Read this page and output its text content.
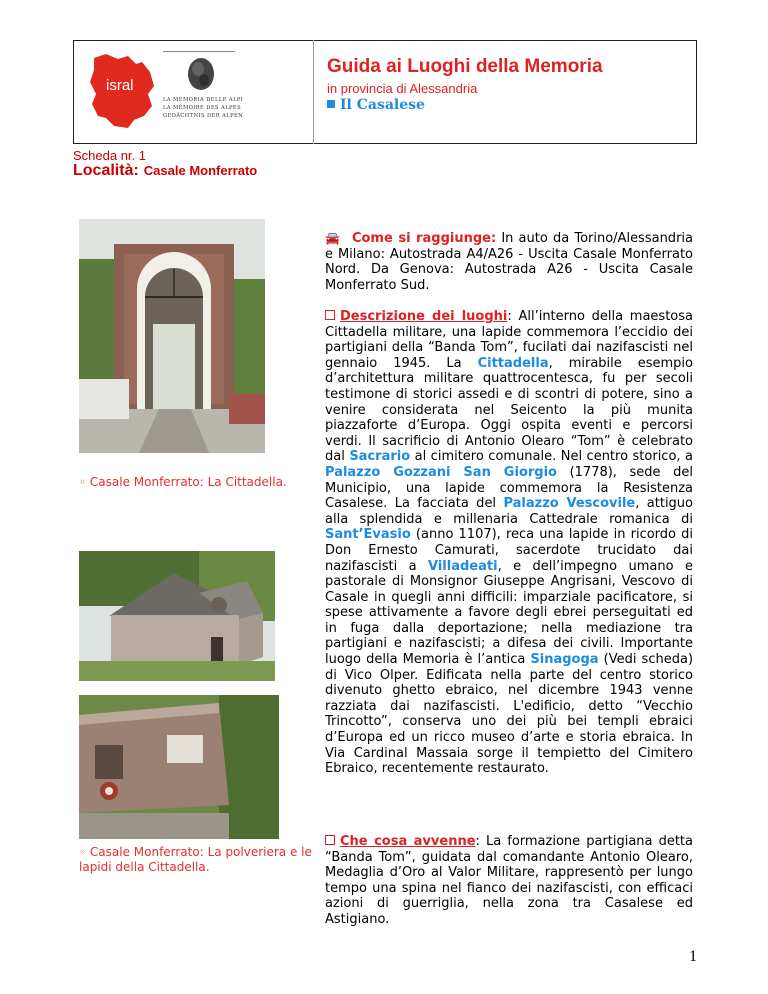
isral
LA MEMORIA DELLE ALPI
LA MÉMOIRE DES ALPES
GEDÄCHTNIS DER ALPEN
Guida ai Luoghi della Memoria
in provincia di Alessandria
Il Casalese
Scheda nr. 1
Località: Casale Monferrato
◦ Casale Monferrato: La Cittadella.
◦ Casale Monferrato: La polveriera e le lapidi della Cittadella.
🚘 Come si raggiunge: In auto da Torino/Alessandria e Milano: Autostrada A4/A26 - Uscita Casale Monferrato Nord. Da Genova: Autostrada A26 - Uscita Casale Monferrato Sud.
Descrizione dei luoghi: All’interno della maestosa Cittadella militare, una lapide commemora l’eccidio dei partigiani della “Banda Tom”, fucilati dai nazifascisti nel gennaio 1945. La Cittadella, mirabile esempio d’architettura militare quattrocentesca, fu per secoli testimone di storici assedi e di scontri di potere, sino a venire considerata nel Seicento la più munita piazzaforte d’Europa. Oggi ospita eventi e percorsi verdi. Il sacrificio di Antonio Olearo “Tom” è celebrato dal Sacrario al cimitero comunale. Nel centro storico, a Palazzo Gozzani San Giorgio (1778), sede del Municipio, una lapide commemora la Resistenza Casalese. La facciata del Palazzo Vescovile, attiguo alla splendida e millenaria Cattedrale romanica di Sant’Evasio (anno 1107), reca una lapide in ricordo di Don Ernesto Camurati, sacerdote trucidato dai nazifascisti a Villadeati, e dell’impegno umano e pastorale di Monsignor Giuseppe Angrisani, Vescovo di Casale in quegli anni difficili: imparziale pacificatore, si spese attivamente a favore degli ebrei perseguitati ed in fuga dalla deportazione; nella mediazione tra partigiani e nazifascisti; a difesa dei civili. Importante luogo della Memoria è l’antica Sinagoga (Vedi scheda) di Vico Olper. Edificata nella parte del centro storico divenuto ghetto ebraico, nel dicembre 1943 venne razziata dai nazifascisti. L'edificio, detto “Vecchio Trincotto”, conserva uno dei più bei templi ebraici d’Europa ed un ricco museo d’arte e storia ebraica. In Via Cardinal Massaia sorge il tempietto del Cimitero Ebraico, recentemente restaurato.
Che cosa avvenne: La formazione partigiana detta “Banda Tom”, guidata dal comandante Antonio Olearo, Medaglia d’Oro al Valor Militare, rappresentò per lungo tempo una spina nel fianco dei nazifascisti, con efficaci azioni di guerriglia, nella zona tra Casalese ed Astigiano.
1
